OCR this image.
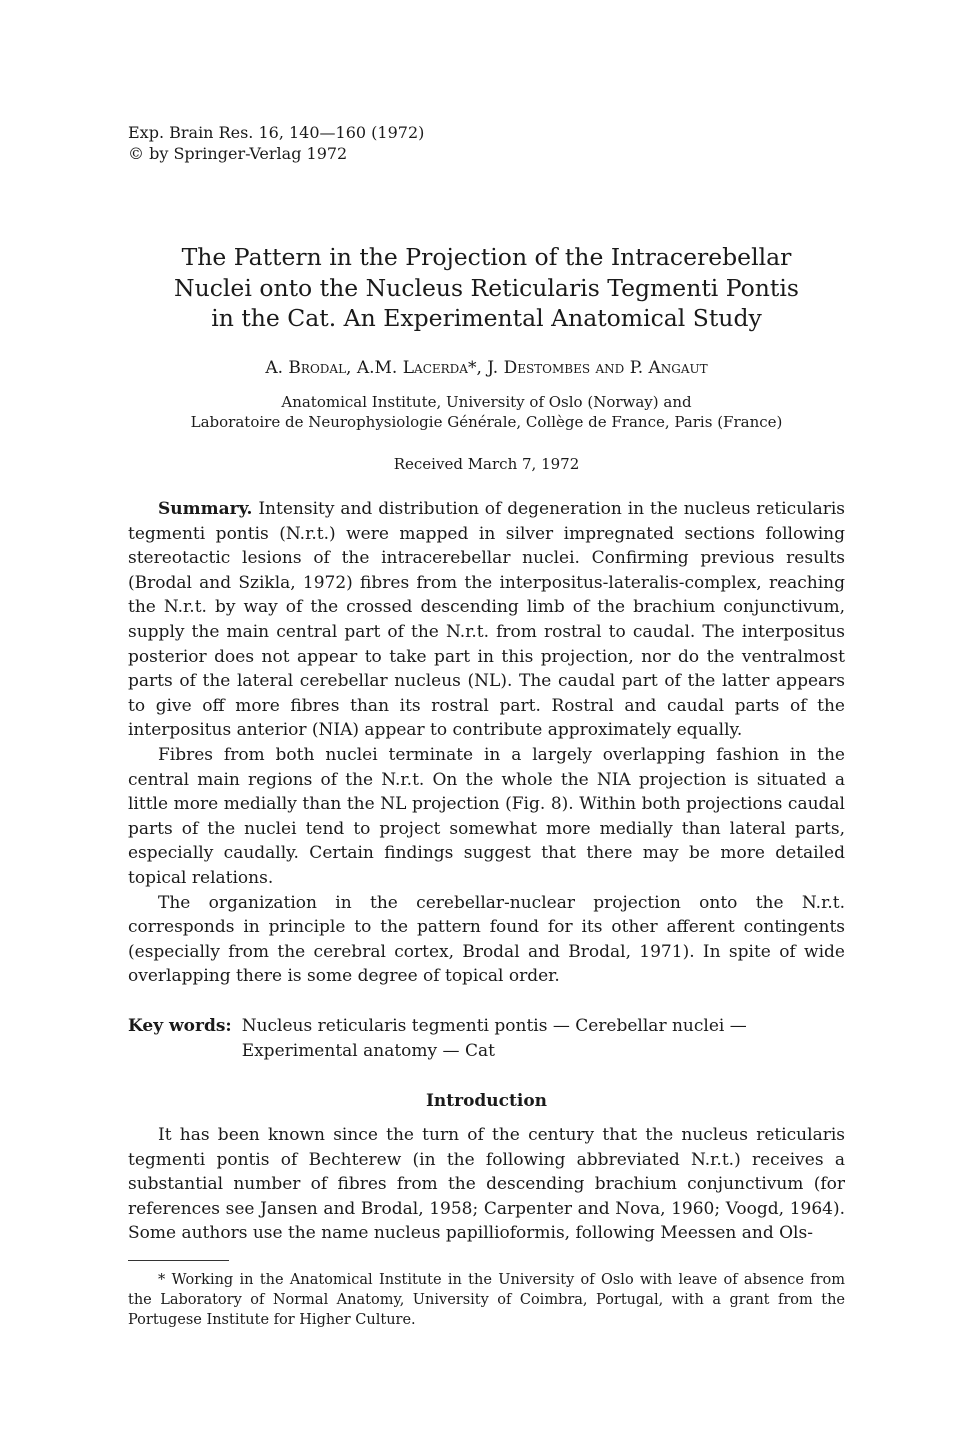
Exp. Brain Res. 16, 140—160 (1972)
© by Springer-Verlag 1972
The Pattern in the Projection of the Intracerebellar
Nuclei onto the Nucleus Reticularis Tegmenti Pontis
in the Cat. An Experimental Anatomical Study
A. Brodal, A.M. Lacerda*, J. Destombes and P. Angaut
Anatomical Institute, University of Oslo (Norway) and
Laboratoire de Neurophysiologie Générale, Collège de France, Paris (France)
Received March 7, 1972

Summary. Intensity and distribution of degeneration in the nucleus reticularis tegmenti pontis (N.r.t.) were mapped in silver impregnated sections following stereotactic lesions of the intracerebellar nuclei. Confirming previous results (Brodal and Szikla, 1972) fibres from the interpositus-lateralis-complex, reaching the N.r.t. by way of the crossed descending limb of the brachium conjunctivum, supply the main central part of the N.r.t. from rostral to caudal. The interpositus posterior does not appear to take part in this projection, nor do the ventralmost parts of the lateral cerebellar nucleus (NL). The caudal part of the latter appears to give off more fibres than its rostral part. Rostral and caudal parts of the interpositus anterior (NIA) appear to contribute approximately equally.

Fibres from both nuclei terminate in a largely overlapping fashion in the central main regions of the N.r.t. On the whole the NIA projection is situated a little more medially than the NL projection (Fig. 8). Within both projections caudal parts of the nuclei tend to project somewhat more medially than lateral parts, especially caudally. Certain findings suggest that there may be more detailed topical relations.

The organization in the cerebellar-nuclear projection onto the N.r.t. corresponds in principle to the pattern found for its other afferent contingents (especially from the cerebral cortex, Brodal and Brodal, 1971). In spite of wide overlapping there is some degree of topical order.

Key words: Nucleus reticularis tegmenti pontis — Cerebellar nuclei — Experimental anatomy — Cat
Introduction

It has been known since the turn of the century that the nucleus reticularis tegmenti pontis of Bechterew (in the following abbreviated N.r.t.) receives a substantial number of fibres from the descending brachium conjunctivum (for references see Jansen and Brodal, 1958; Carpenter and Nova, 1960; Voogd, 1964). Some authors use the name nucleus papillioformis, following Meessen and Ols-

* Working in the Anatomical Institute in the University of Oslo with leave of absence from the Laboratory of Normal Anatomy, University of Coimbra, Portugal, with a grant from the Portugese Institute for Higher Culture.
